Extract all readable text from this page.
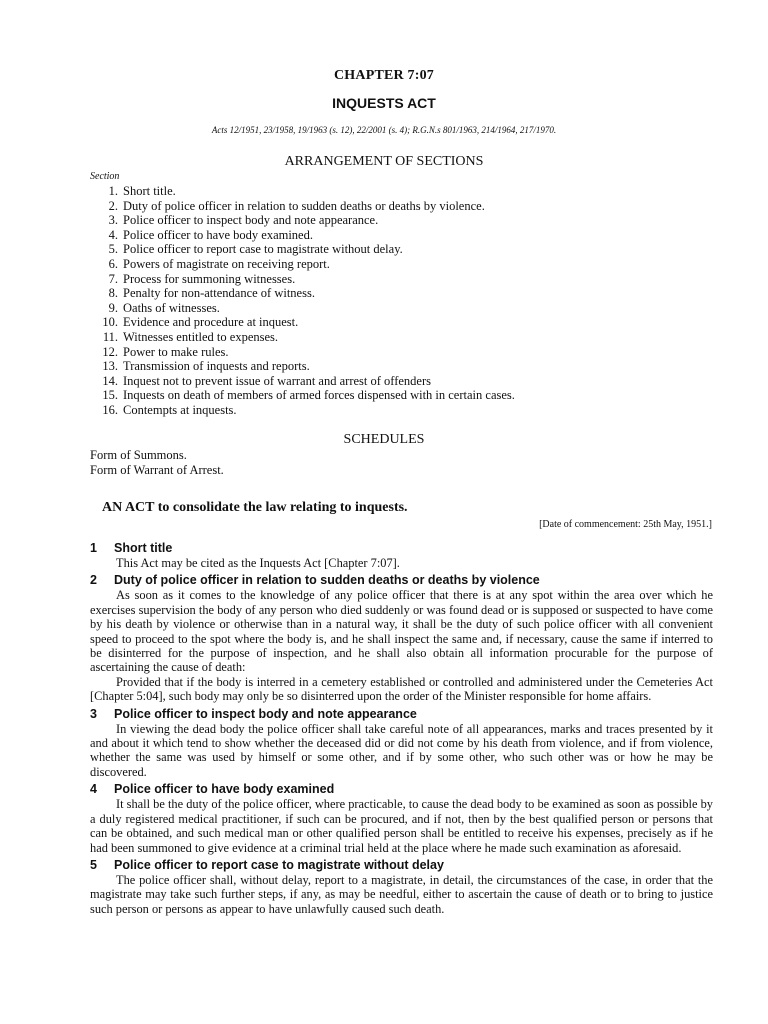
CHAPTER 7:07
INQUESTS ACT
Acts 12/1951, 23/1958, 19/1963 (s. 12), 22/2001 (s. 4); R.G.N.s 801/1963, 214/1964, 217/1970.
ARRANGEMENT OF SECTIONS
Section
1. Short title.
2. Duty of police officer in relation to sudden deaths or deaths by violence.
3. Police officer to inspect body and note appearance.
4. Police officer to have body examined.
5. Police officer to report case to magistrate without delay.
6. Powers of magistrate on receiving report.
7. Process for summoning witnesses.
8. Penalty for non-attendance of witness.
9. Oaths of witnesses.
10. Evidence and procedure at inquest.
11. Witnesses entitled to expenses.
12. Power to make rules.
13. Transmission of inquests and reports.
14. Inquest not to prevent issue of warrant and arrest of offenders
15. Inquests on death of members of armed forces dispensed with in certain cases.
16. Contempts at inquests.
SCHEDULES
Form of Summons.
Form of Warrant of Arrest.
AN ACT to consolidate the law relating to inquests.
[Date of commencement: 25th May, 1951.]
1	Short title

This Act may be cited as the Inquests Act [Chapter 7:07].

2	Duty of police officer in relation to sudden deaths or deaths by violence

As soon as it comes to the knowledge of any police officer that there is at any spot within the area over which he exercises supervision the body of any person who died suddenly or was found dead or is supposed or suspected to have come by his death by violence or otherwise than in a natural way, it shall be the duty of such police officer with all convenient speed to proceed to the spot where the body is, and he shall inspect the same and, if necessary, cause the same if interred to be disinterred for the purpose of inspection, and he shall also obtain all information procurable for the purpose of ascertaining the cause of death:

Provided that if the body is interred in a cemetery established or controlled and administered under the Cemeteries Act [Chapter 5:04], such body may only be so disinterred upon the order of the Minister responsible for home affairs.

3	Police officer to inspect body and note appearance

In viewing the dead body the police officer shall take careful note of all appearances, marks and traces presented by it and about it which tend to show whether the deceased did or did not come by his death from violence, and if from violence, whether the same was used by himself or some other, and if by some other, who such other was or how he may be discovered.

4	Police officer to have body examined

It shall be the duty of the police officer, where practicable, to cause the dead body to be examined as soon as possible by a duly registered medical practitioner, if such can be procured, and if not, then by the best qualified person or persons that can be obtained, and such medical man or other qualified person shall be entitled to receive his expenses, precisely as if he had been summoned to give evidence at a criminal trial held at the place where he made such examination as aforesaid.

5	Police officer to report case to magistrate without delay

The police officer shall, without delay, report to a magistrate, in detail, the circumstances of the case, in order that the magistrate may take such further steps, if any, as may be needful, either to ascertain the cause of death or to bring to justice such person or persons as appear to have unlawfully caused such death.
